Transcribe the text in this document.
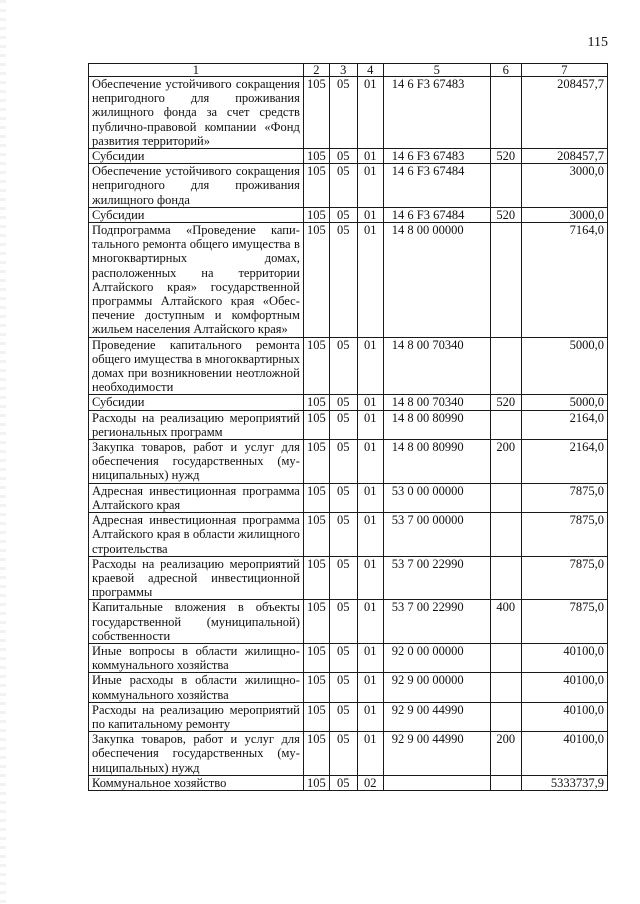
115
1	2	3	4	5	6	7
Обеспечение устойчивого сокращения непригодного для проживания жилищного фонда за счет средств публично-правовой компании «Фонд развития территорий»	105	05	01	14 6 F3 67483		208457,7
Субсидии	105	05	01	14 6 F3 67483	520	208457,7
Обеспечение устойчивого сокращения непригодного для проживания жилищного фонда	105	05	01	14 6 F3 67484		3000,0
Субсидии	105	05	01	14 6 F3 67484	520	3000,0
Подпрограмма «Проведение капитального ремонта общего имущества в многоквартирных домах, расположенных на территории Алтайского края» государственной программы Алтайского края «Обеспечение доступным и комфортным жильем населения Алтайского края»	105	05	01	14 8 00 00000		7164,0
Проведение капитального ремонта общего имущества в многоквартирных домах при возникновении неотложной необходимости	105	05	01	14 8 00 70340		5000,0
Субсидии	105	05	01	14 8 00 70340	520	5000,0
Расходы на реализацию мероприятий региональных программ	105	05	01	14 8 00 80990		2164,0
Закупка товаров, работ и услуг для обеспечения государственных (муниципальных) нужд	105	05	01	14 8 00 80990	200	2164,0
Адресная инвестиционная программа Алтайского края	105	05	01	53 0 00 00000		7875,0
Адресная инвестиционная программа Алтайского края в области жилищного строительства	105	05	01	53 7 00 00000		7875,0
Расходы на реализацию мероприятий краевой адресной инвестиционной программы	105	05	01	53 7 00 22990		7875,0
Капитальные вложения в объекты государственной (муниципальной) собственности	105	05	01	53 7 00 22990	400	7875,0
Иные вопросы в области жилищнокоммунального хозяйства	105	05	01	92 0 00 00000		40100,0
Иные расходы в области жилищнокоммунального хозяйства	105	05	01	92 9 00 00000		40100,0
Расходы на реализацию мероприятий по капитальному ремонту	105	05	01	92 9 00 44990		40100,0
Закупка товаров, работ и услуг для обеспечения государственных (муниципальных) нужд	105	05	01	92 9 00 44990	200	40100,0
Коммунальное хозяйство	105	05	02			5333737,9
